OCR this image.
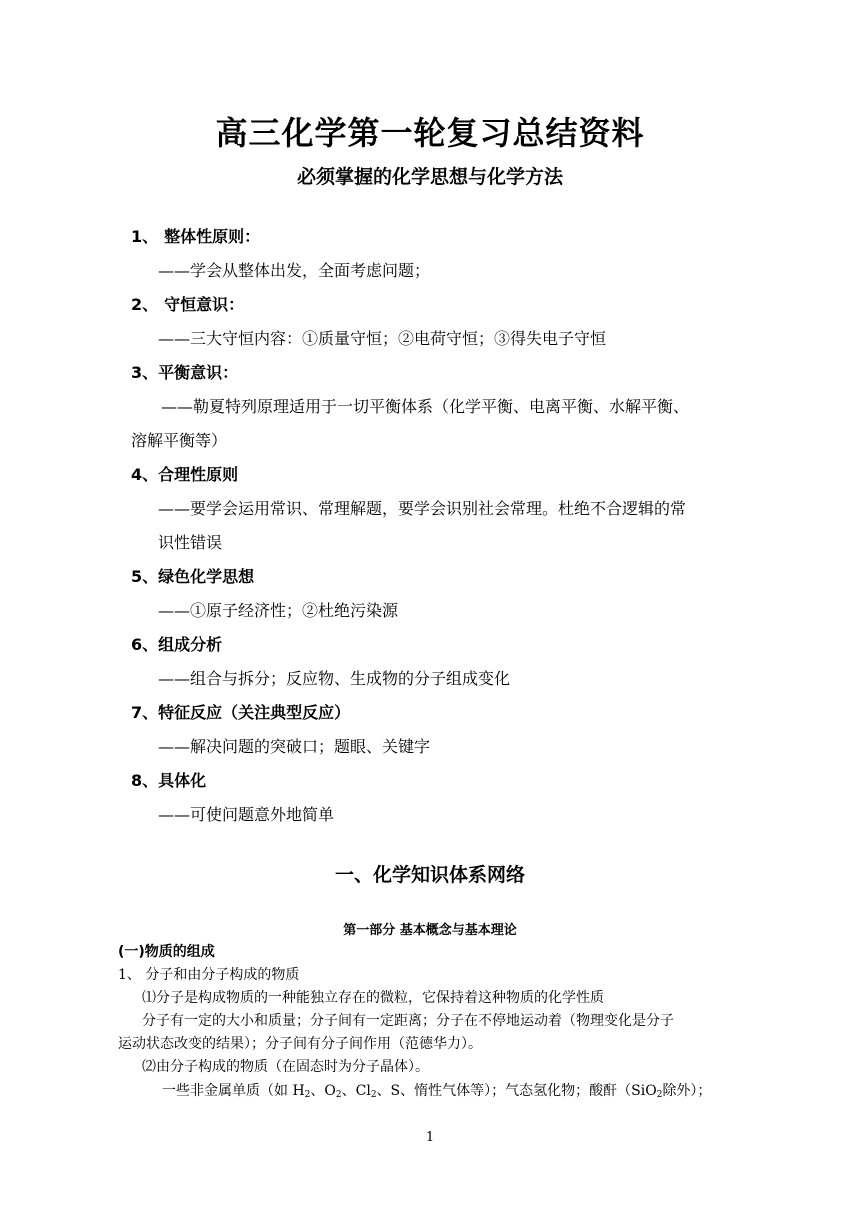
高三化学第一轮复习总结资料
必须掌握的化学思想与化学方法
1、 整体性原则：
——学会从整体出发，全面考虑问题；
2、 守恒意识：
——三大守恒内容：①质量守恒；②电荷守恒；③得失电子守恒
3、平衡意识：
——勒夏特列原理适用于一切平衡体系（化学平衡、电离平衡、水解平衡、
溶解平衡等）
4、合理性原则
——要学会运用常识、常理解题，要学会识别社会常理。杜绝不合逻辑的常
识性错误
5、绿色化学思想
——①原子经济性；②杜绝污染源
6、组成分析
——组合与拆分；反应物、生成物的分子组成变化
7、特征反应（关注典型反应）
——解决问题的突破口；题眼、关键字
8、具体化
——可使问题意外地简单
一、化学知识体系网络
第一部分 基本概念与基本理论
(一)物质的组成
1、 分子和由分子构成的物质
⑴分子是构成物质的一种能独立存在的微粒，它保持着这种物质的化学性质
分子有一定的大小和质量；分子间有一定距离；分子在不停地运动着（物理变化是分子
运动状态改变的结果）；分子间有分子间作用（范德华力）。
⑵由分子构成的物质（在固态时为分子晶体）。
一些非金属单质（如 $H_2$、$O_2$、$Cl_2$、S、惰性气体等）；气态氢化物；酸酐（SiO$_2$除外）；
1
